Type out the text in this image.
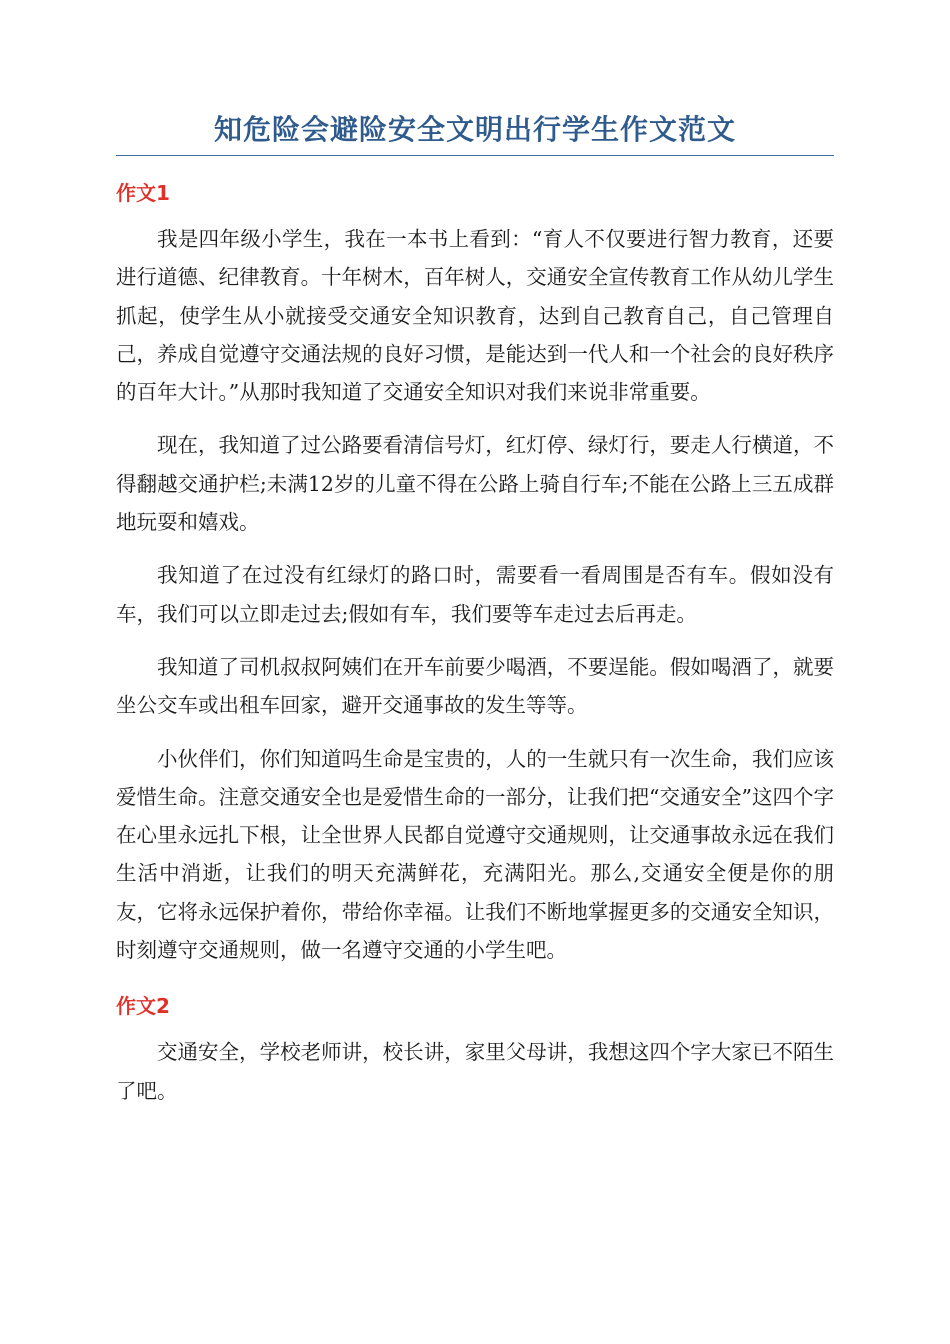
知危险会避险安全文明出行学生作文范文
作文1

我是四年级小学生，我在一本书上看到：“育人不仅要进行智力教育，还要进行道德、纪律教育。十年树木，百年树人，交通安全宣传教育工作从幼儿学生抓起，使学生从小就接受交通安全知识教育，达到自己教育自己，自己管理自己，养成自觉遵守交通法规的良好习惯，是能达到一代人和一个社会的良好秩序的百年大计。”从那时我知道了交通安全知识对我们来说非常重要。

现在，我知道了过公路要看清信号灯，红灯停、绿灯行，要走人行横道，不得翻越交通护栏;未满12岁的儿童不得在公路上骑自行车;不能在公路上三五成群地玩耍和嬉戏。

我知道了在过没有红绿灯的路口时，需要看一看周围是否有车。假如没有车，我们可以立即走过去;假如有车，我们要等车走过去后再走。

我知道了司机叔叔阿姨们在开车前要少喝酒，不要逞能。假如喝酒了，就要坐公交车或出租车回家，避开交通事故的发生等等。

小伙伴们，你们知道吗生命是宝贵的，人的一生就只有一次生命，我们应该爱惜生命。注意交通安全也是爱惜生命的一部分，让我们把“交通安全”这四个字在心里永远扎下根，让全世界人民都自觉遵守交通规则，让交通事故永远在我们生活中消逝，让我们的明天充满鲜花，充满阳光。那么,交通安全便是你的朋友，它将永远保护着你，带给你幸福。让我们不断地掌握更多的交通安全知识，时刻遵守交通规则，做一名遵守交通的小学生吧。

作文2

交通安全，学校老师讲，校长讲，家里父母讲，我想这四个字大家已不陌生了吧。
